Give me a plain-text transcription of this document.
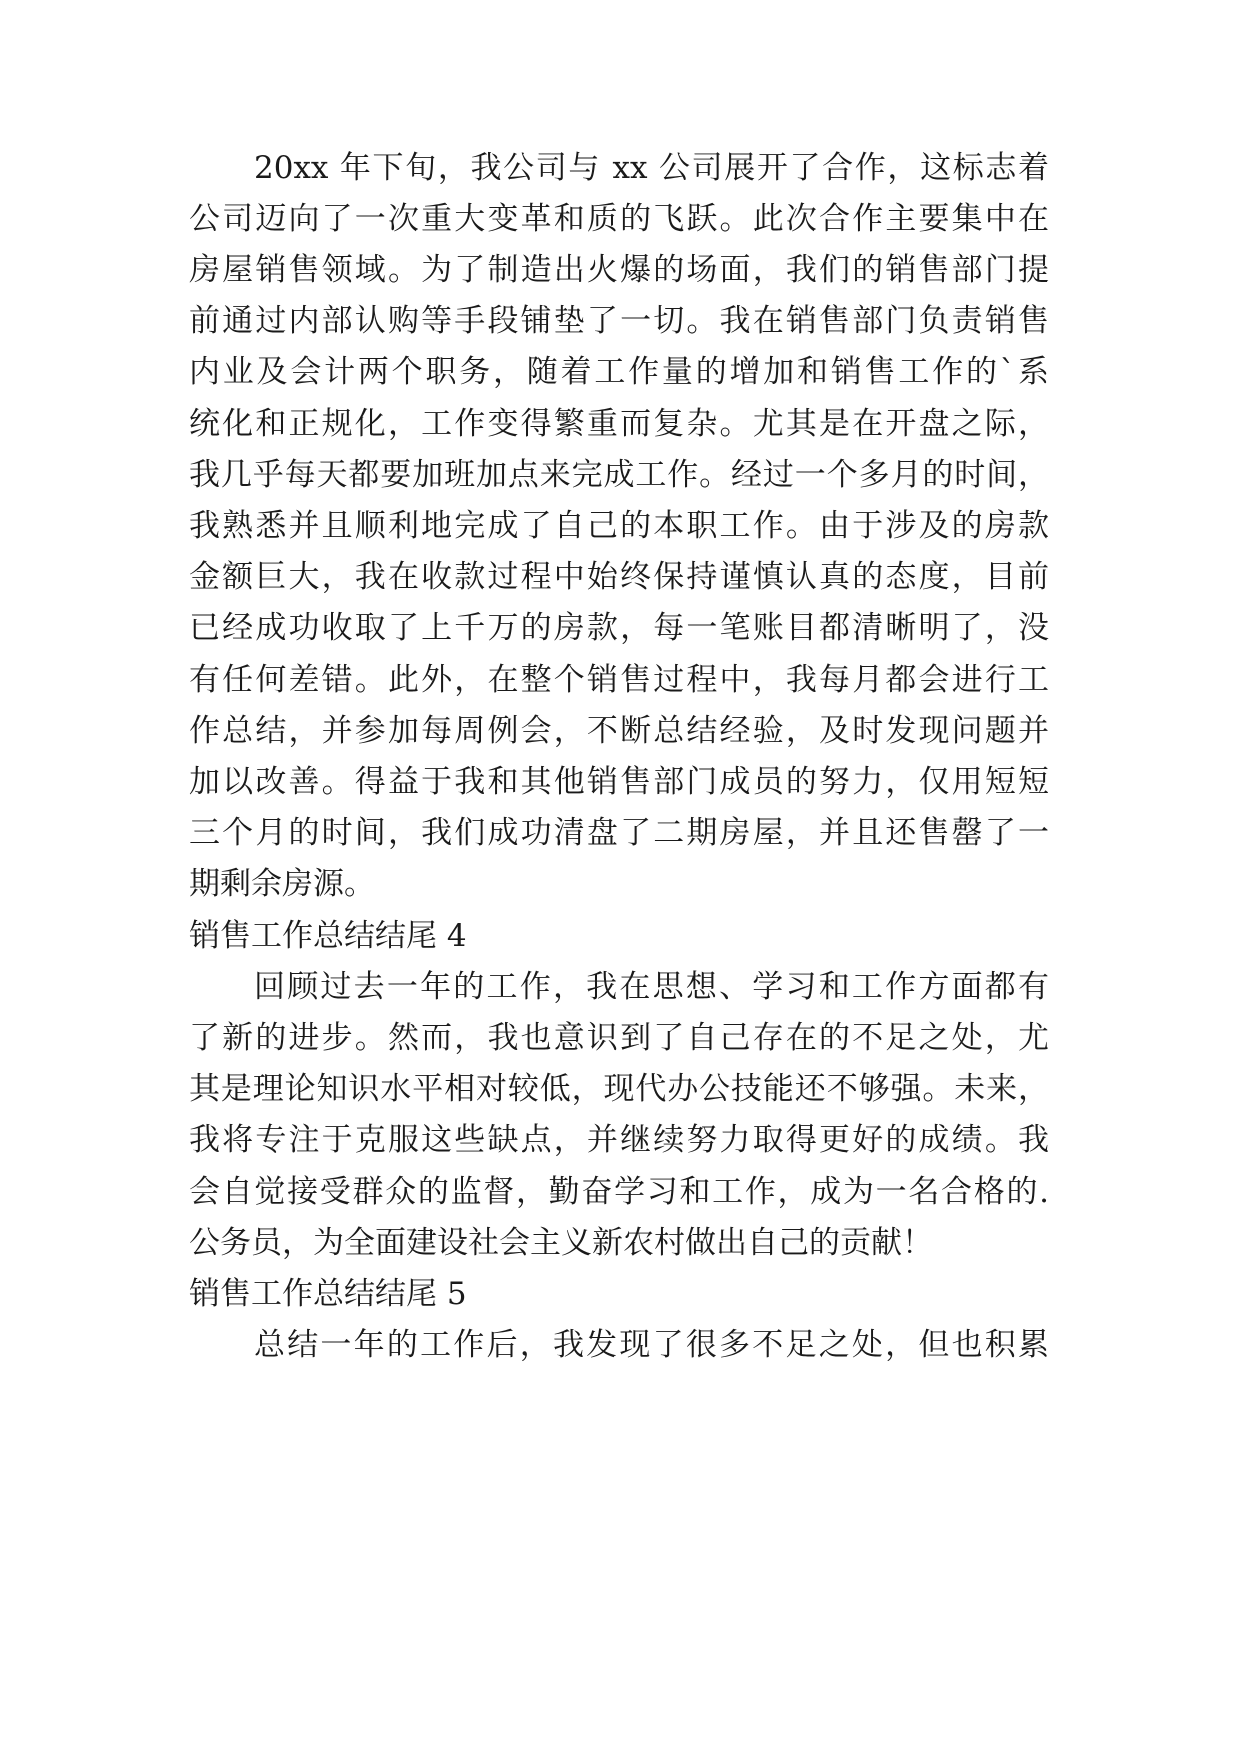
20xx 年下旬，我公司与 xx 公司展开了合作，这标志着
公司迈向了一次重大变革和质的飞跃。此次合作主要集中在
房屋销售领域。为了制造出火爆的场面，我们的销售部门提
前通过内部认购等手段铺垫了一切。我在销售部门负责销售
内业及会计两个职务，随着工作量的增加和销售工作的`系
统化和正规化，工作变得繁重而复杂。尤其是在开盘之际，
我几乎每天都要加班加点来完成工作。经过一个多月的时间，
我熟悉并且顺利地完成了自己的本职工作。由于涉及的房款
金额巨大，我在收款过程中始终保持谨慎认真的态度，目前
已经成功收取了上千万的房款，每一笔账目都清晰明了，没
有任何差错。此外，在整个销售过程中，我每月都会进行工
作总结，并参加每周例会，不断总结经验，及时发现问题并
加以改善。得益于我和其他销售部门成员的努力，仅用短短
三个月的时间，我们成功清盘了二期房屋，并且还售罄了一
期剩余房源。
销售工作总结结尾 4
回顾过去一年的工作，我在思想、学习和工作方面都有
了新的进步。然而，我也意识到了自己存在的不足之处，尤
其是理论知识水平相对较低，现代办公技能还不够强。未来，
我将专注于克服这些缺点，并继续努力取得更好的成绩。我
会自觉接受群众的监督，勤奋学习和工作，成为一名合格的.
公务员，为全面建设社会主义新农村做出自己的贡献！
销售工作总结结尾 5
总结一年的工作后，我发现了很多不足之处，但也积累
